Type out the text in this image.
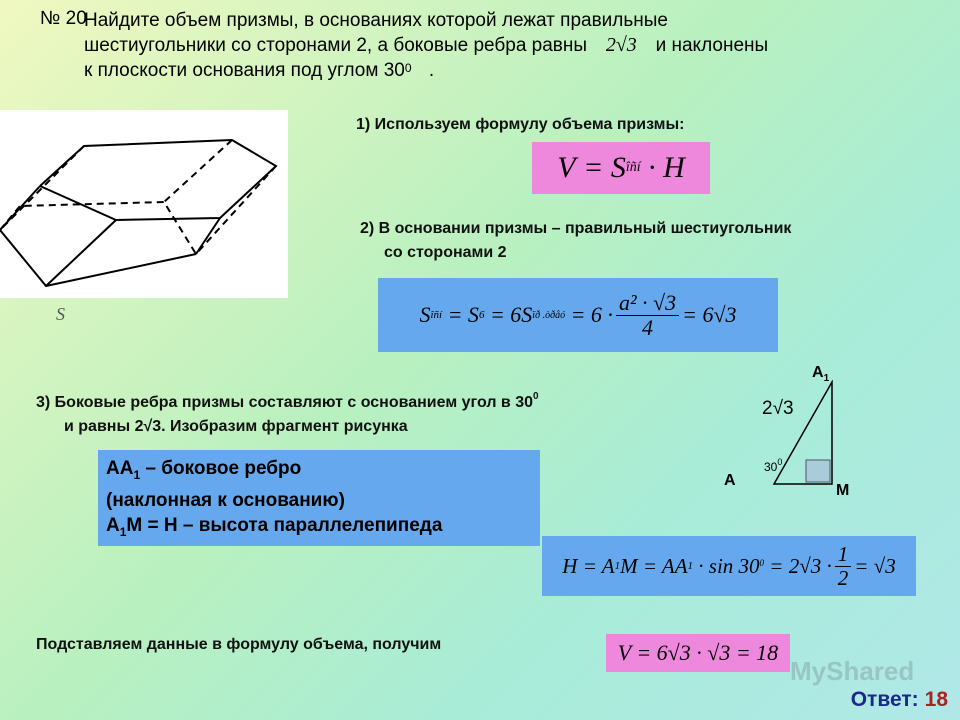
№ 20
Найдите объем призмы, в основаниях которой лежат правильные
шестиугольники со сторонами 2, а боковые ребра равны 2√3 и наклонены
к плоскости основания под углом $30^0$ .
S
1) Используем формулу объема призмы:
V
=
S îñí
· H
2) В основании призмы – правильный шестиугольник
со сторонами 2
S îñí
= S 6
= 6S ïð .òðåó
= $6 \cdot \frac{\text{a² · √3}}{4} = 6√3$
3) Боковые ребра призмы составляют с основанием угол в $30^0$
и равны 2√3. Изобразим фрагмент рисунка
$A_1$
A
M
2√3
$30^0$
$AA_1$ – боковое ребро
(наклонная к основанию)
$A_1M = H$ – высота параллелепипеда
H = A 1 M = AA 1
· sin 30 0
= $2√3 \cdot \frac{1}{2} = √3$
Подставляем данные в формулу объема, получим	V = 6√3 · √3 = 18
MyShared
Ответ: 18
